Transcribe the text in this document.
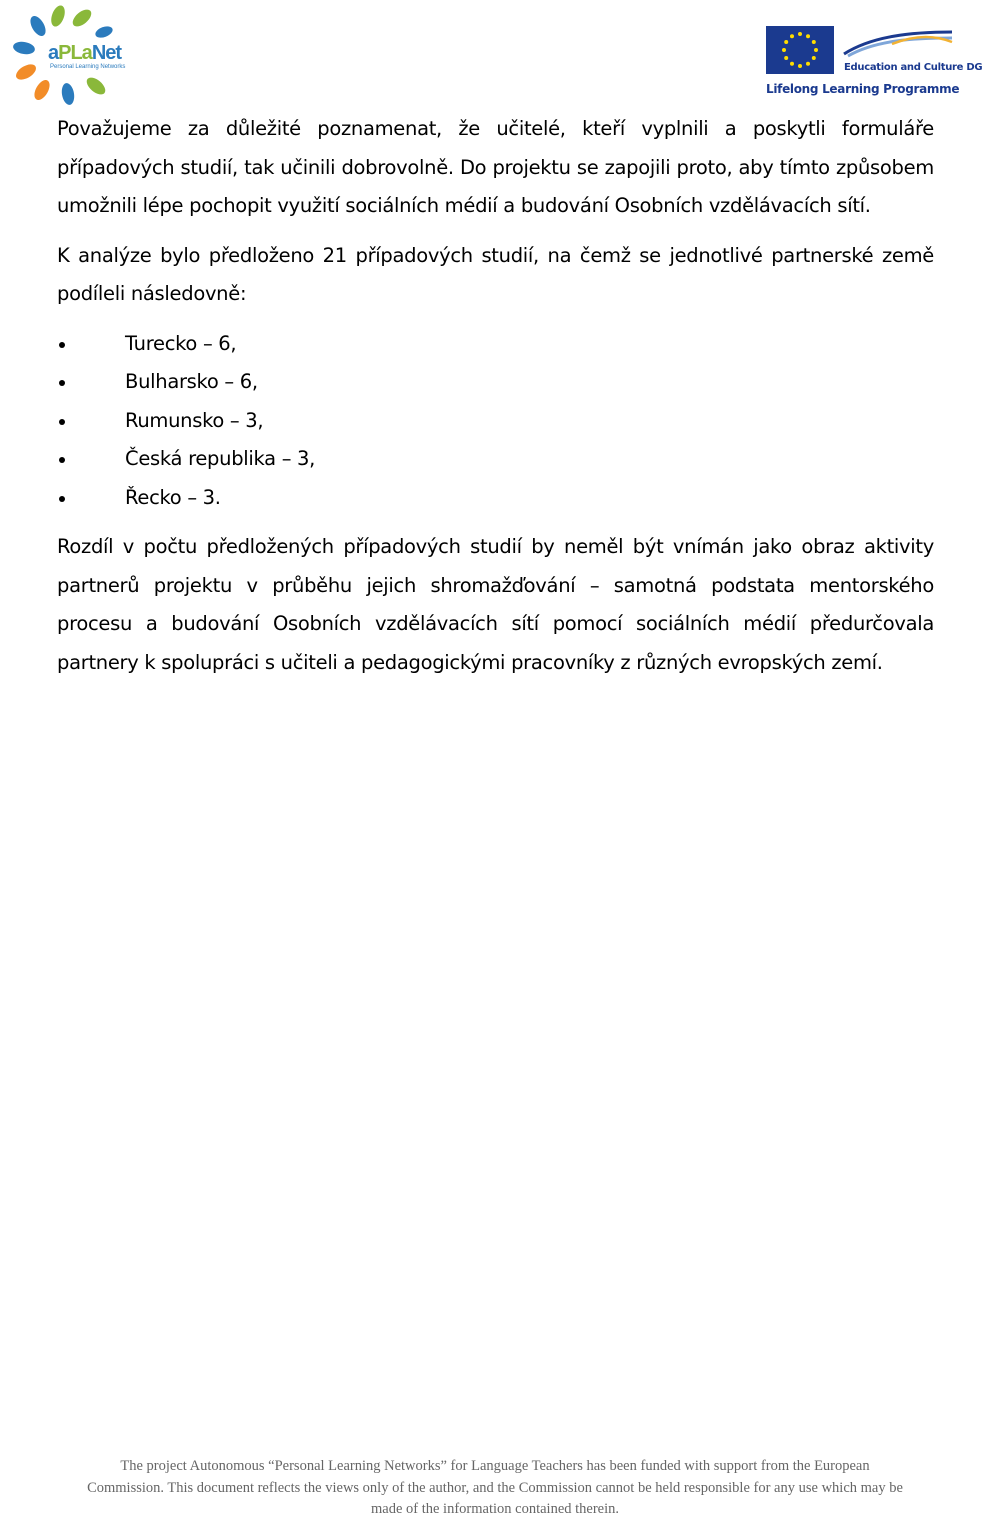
aPLaNet
Personal Learning Networks	Education and Culture DG
Lifelong Learning Programme

Považujeme za důležité poznamenat, že učitelé, kteří vyplnili a poskytli formuláře případových studií, tak učinili dobrovolně. Do projektu se zapojili proto, aby tímto způsobem umožnili lépe pochopit využití sociálních médií a budování Osobních vzdělávacích sítí.

K analýze bylo předloženo 21 případových studií, na čemž se jednotlivé partnerské země podíleli následovně:

Turecko – 6,
Bulharsko – 6,
Rumunsko – 3,
Česká republika – 3,
Řecko – 3.

Rozdíl v počtu předložených případových studií by neměl být vnímán jako obraz aktivity partnerů projektu v průběhu jejich shromažďování – samotná podstata mentorského procesu a budování Osobních vzdělávacích sítí pomocí sociálních médií předurčovala partnery k spolupráci s učiteli a pedagogickými pracovníky z různých evropských zemí.

The project Autonomous “Personal Learning Networks” for Language Teachers has been funded with support from the European
Commission. This document reflects the views only of the author, and the Commission cannot be held responsible for any use which may be
made of the information contained therein.
